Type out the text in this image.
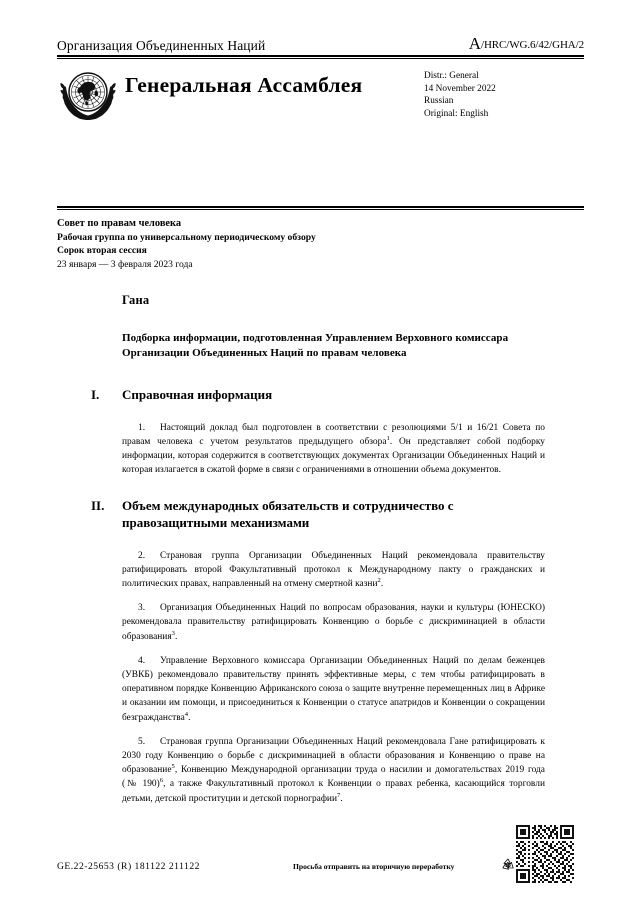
Организация Объединенных Наций	A/HRC/WG.6/42/GHA/2
Генеральная Ассамблея	Distr.: General
14 November 2022
Russian
Original: English
Совет по правам человека
Рабочая группа по универсальному периодическому обзору
Сорок вторая сессия
23 января — 3 февраля 2023 года
Гана
Подборка информации, подготовленная Управлением Верховного комиссара Организации Объединенных Наций по правам человека
I.	Справочная информация

1. Настоящий доклад был подготовлен в соответствии с резолюциями 5/1 и 16/21 Совета по правам человека с учетом результатов предыдущего обзора$^1$. Он представляет собой подборку информации, которая содержится в соответствующих документах Организации Объединенных Наций и которая излагается в сжатой форме в связи с ограничениями в отношении объема документов.

II.	Объем международных обязательств и сотрудничество с правозащитными механизмами

2. Страновая группа Организации Объединенных Наций рекомендовала правительству ратифицировать второй Факультативный протокол к Международному пакту о гражданских и политических правах, направленный на отмену смертной казни$^2$.

3. Организация Объединенных Наций по вопросам образования, науки и культуры (ЮНЕСКО) рекомендовала правительству ратифицировать Конвенцию о борьбе с дискриминацией в области образования$^3$.

4. Управление Верховного комиссара Организации Объединенных Наций по делам беженцев (УВКБ) рекомендовало правительству принять эффективные меры, с тем чтобы ратифицировать в оперативном порядке Конвенцию Африканского союза о защите внутренне перемещенных лиц в Африке и оказании им помощи, и присоединиться к Конвенции о статусе апатридов и Конвенции о сокращении безгражданства$^4$.

5. Страновая группа Организации Объединенных Наций рекомендовала Гане ратифицировать к 2030 году Конвенцию о борьбе с дискриминацией в области образования и Конвенцию о праве на образование$^5$, Конвенцию Международной организации труда о насилии и домогательствах 2019 года (№ 190)$^6$, а также Факультативный протокол к Конвенции о правах ребенка, касающийся торговли детьми, детской проституции и детской порнографии$^7$.

GE.22-25653 (R) 181122 211122	Просьба отправить на вторичную переработку
